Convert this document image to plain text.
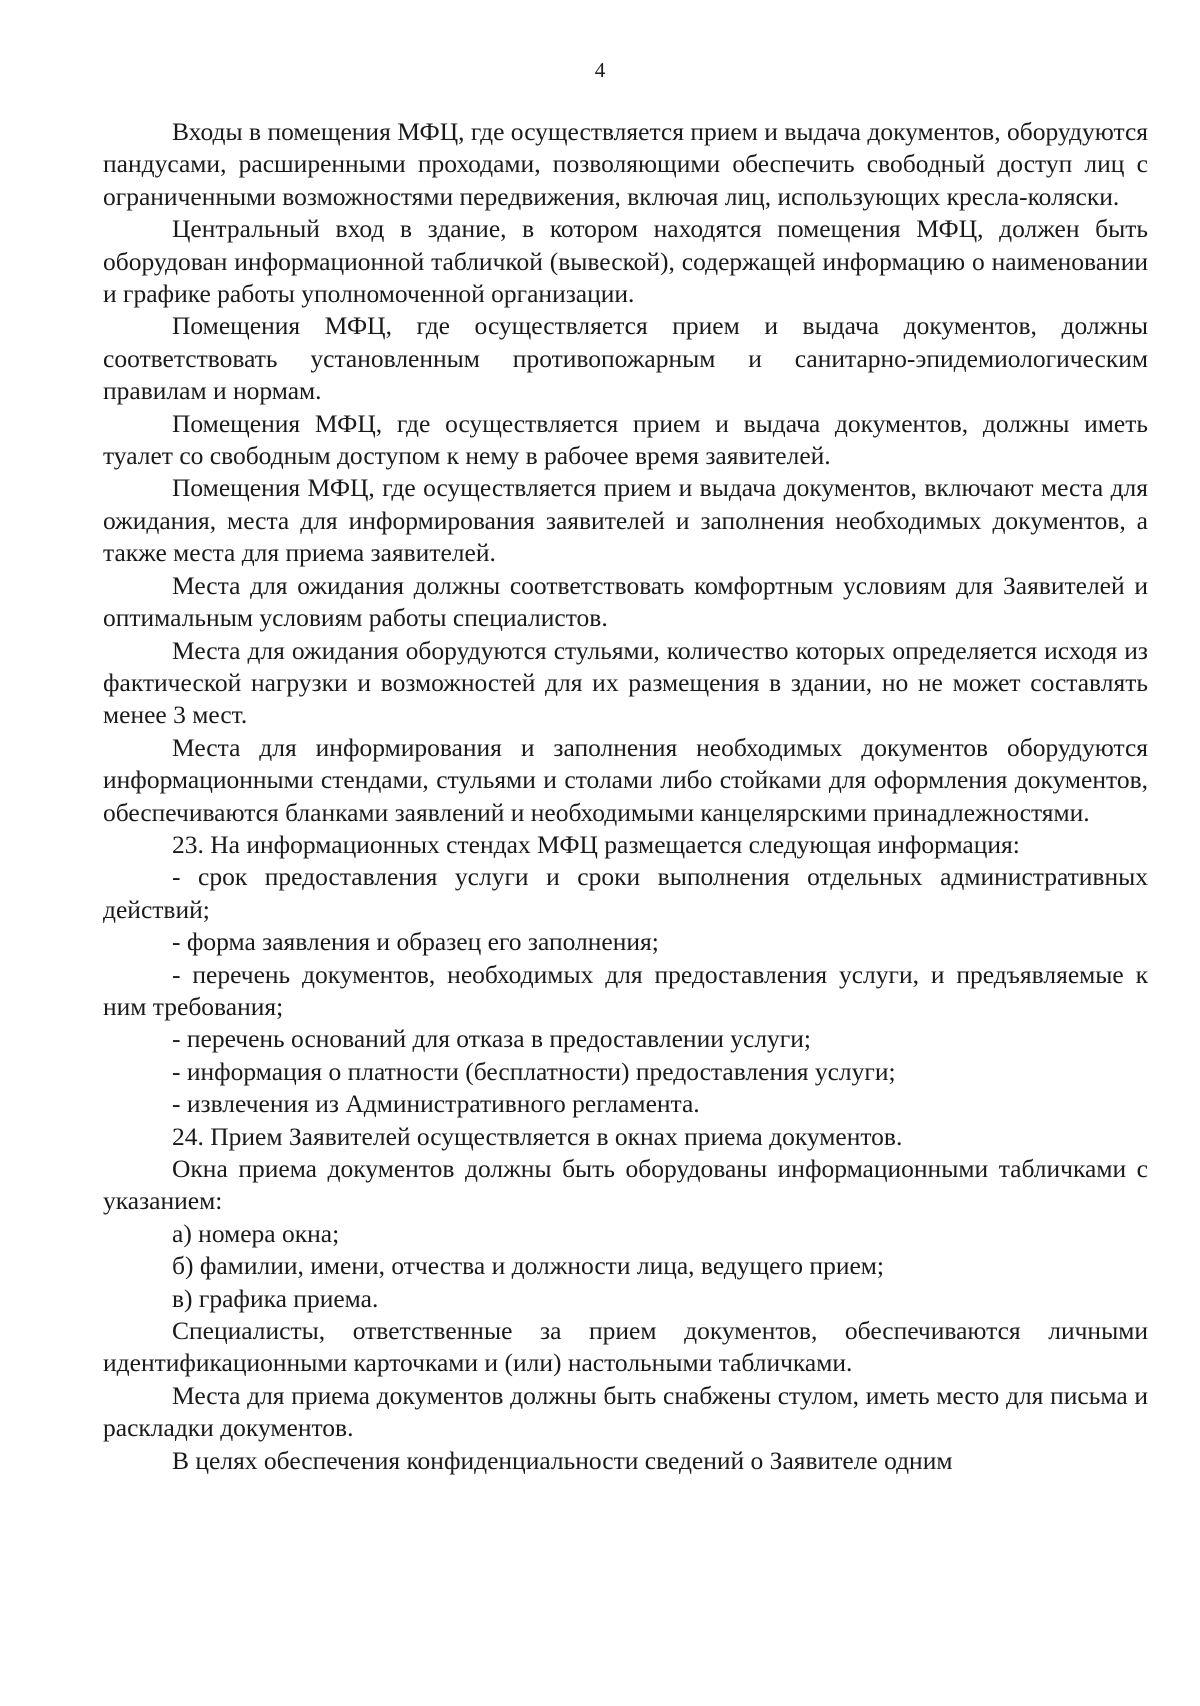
4

Входы в помещения МФЦ, где осуществляется прием и выдача документов, оборудуются пандусами, расширенными проходами, позволяющими обеспечить свободный доступ лиц с ограниченными возможностями передвижения, включая лиц, использующих кресла-коляски.

Центральный вход в здание, в котором находятся помещения МФЦ, должен быть оборудован информационной табличкой (вывеской), содержащей информацию о наименовании и графике работы уполномоченной организации.

Помещения МФЦ, где осуществляется прием и выдача документов, должны соответствовать установленным противопожарным и санитарно-эпидемиологическим правилам и нормам.

Помещения МФЦ, где осуществляется прием и выдача документов, должны иметь туалет со свободным доступом к нему в рабочее время заявителей.

Помещения МФЦ, где осуществляется прием и выдача документов, включают места для ожидания, места для информирования заявителей и заполнения необходимых документов, а также места для приема заявителей.

Места для ожидания должны соответствовать комфортным условиям для Заявителей и оптимальным условиям работы специалистов.

Места для ожидания оборудуются стульями, количество которых определяется исходя из фактической нагрузки и возможностей для их размещения в здании, но не может составлять менее 3 мест.

Места для информирования и заполнения необходимых документов оборудуются информационными стендами, стульями и столами либо стойками для оформления документов, обеспечиваются бланками заявлений и необходимыми канцелярскими принадлежностями.

23. На информационных стендах МФЦ размещается следующая информация:

- срок предоставления услуги и сроки выполнения отдельных административных действий;

- форма заявления и образец его заполнения;

- перечень документов, необходимых для предоставления услуги, и предъявляемые к ним требования;

- перечень оснований для отказа в предоставлении услуги;

- информация о платности (бесплатности) предоставления услуги;

- извлечения из Административного регламента.

24. Прием Заявителей осуществляется в окнах приема документов.

Окна приема документов должны быть оборудованы информационными табличками с указанием:

а) номера окна;

б) фамилии, имени, отчества и должности лица, ведущего прием;

в) графика приема.

Специалисты, ответственные за прием документов, обеспечиваются личными идентификационными карточками и (или) настольными табличками.

Места для приема документов должны быть снабжены стулом, иметь место для письма и раскладки документов.

В целях обеспечения конфиденциальности сведений о Заявителе одним
